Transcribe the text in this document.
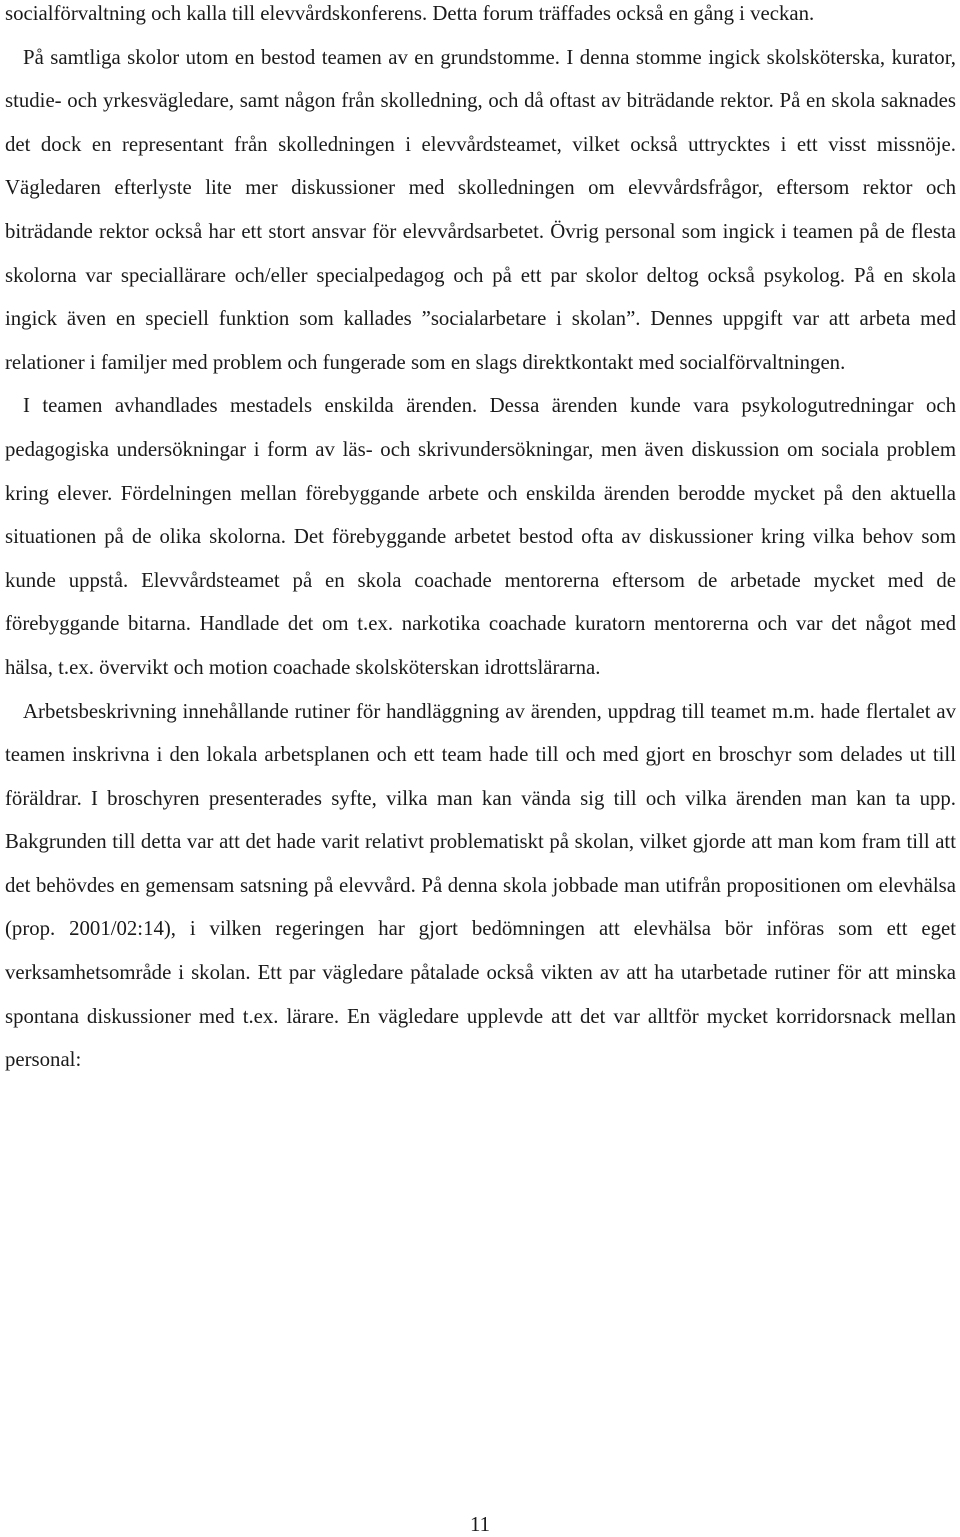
socialförvaltning och kalla till elevvårdskonferens. Detta forum träffades också en gång i veckan.

På samtliga skolor utom en bestod teamen av en grundstomme. I denna stomme ingick skolsköterska, kurator, studie- och yrkesvägledare, samt någon från skolledning, och då oftast av biträdande rektor. På en skola saknades det dock en representant från skolledningen i elevvårdsteamet, vilket också uttrycktes i ett visst missnöje. Vägledaren efterlyste lite mer diskussioner med skolledningen om elevvårdsfrågor, eftersom rektor och biträdande rektor också har ett stort ansvar för elevvårdsarbetet. Övrig personal som ingick i teamen på de flesta skolorna var speciallärare och/eller specialpedagog och på ett par skolor deltog också psykolog. På en skola ingick även en speciell funktion som kallades ”socialarbetare i skolan”. Dennes uppgift var att arbeta med relationer i familjer med problem och fungerade som en slags direktkontakt med socialförvaltningen.

I teamen avhandlades mestadels enskilda ärenden. Dessa ärenden kunde vara psykologutredningar och pedagogiska undersökningar i form av läs- och skrivundersökningar, men även diskussion om sociala problem kring elever. Fördelningen mellan förebyggande arbete och enskilda ärenden berodde mycket på den aktuella situationen på de olika skolorna. Det förebyggande arbetet bestod ofta av diskussioner kring vilka behov som kunde uppstå. Elevvårdsteamet på en skola coachade mentorerna eftersom de arbetade mycket med de förebyggande bitarna. Handlade det om t.ex. narkotika coachade kuratorn mentorerna och var det något med hälsa, t.ex. övervikt och motion coachade skolsköterskan idrottslärarna.

Arbetsbeskrivning innehållande rutiner för handläggning av ärenden, uppdrag till teamet m.m. hade flertalet av teamen inskrivna i den lokala arbetsplanen och ett team hade till och med gjort en broschyr som delades ut till föräldrar. I broschyren presenterades syfte, vilka man kan vända sig till och vilka ärenden man kan ta upp. Bakgrunden till detta var att det hade varit relativt problematiskt på skolan, vilket gjorde att man kom fram till att det behövdes en gemensam satsning på elevvård. På denna skola jobbade man utifrån propositionen om elevhälsa (prop. 2001/02:14), i vilken regeringen har gjort bedömningen att elevhälsa bör införas som ett eget verksamhetsområde i skolan. Ett par vägledare påtalade också vikten av att ha utarbetade rutiner för att minska spontana diskussioner med t.ex. lärare. En vägledare upplevde att det var alltför mycket korridorsnack mellan personal:

11
